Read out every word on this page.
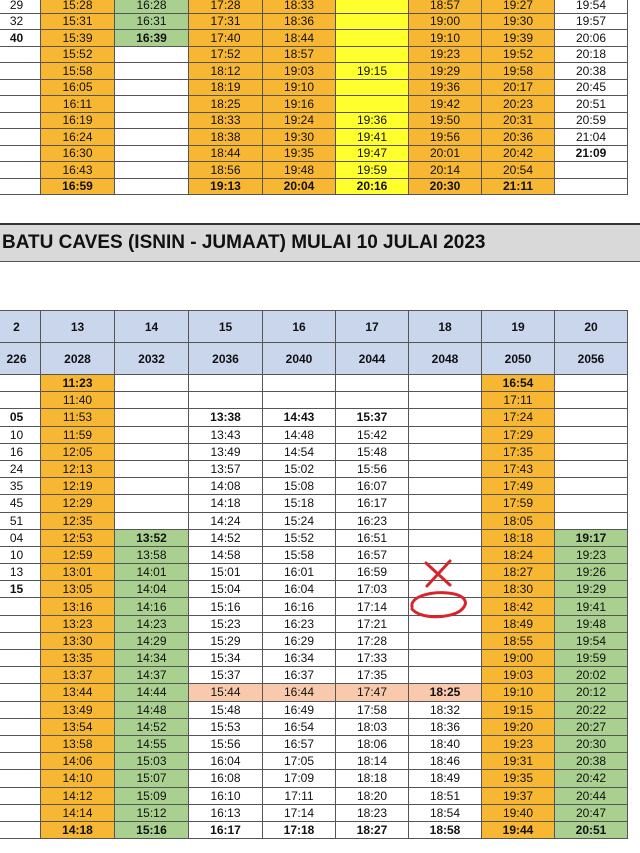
29	15:28	16:28	17:28	18:33		18:57	19:27	19:54
32	15:31	16:31	17:31	18:36		19:00	19:30	19:57
40	15:39	16:39	17:40	18:44		19:10	19:39	20:06
	15:52		17:52	18:57		19:23	19:52	20:18
	15:58		18:12	19:03	19:15	19:29	19:58	20:38
	16:05		18:19	19:10		19:36	20:17	20:45
	16:11		18:25	19:16		19:42	20:23	20:51
	16:19		18:33	19:24	19:36	19:50	20:31	20:59
	16:24		18:38	19:30	19:41	19:56	20:36	21:04
	16:30		18:44	19:35	19:47	20:01	20:42	21:09
	16:43		18:56	19:48	19:59	20:14	20:54	
	16:59		19:13	20:04	20:16	20:30	21:11	
BATU CAVES (ISNIN - JUMAAT) MULAI 10 JULAI 2023
2	13	14	15	16	17	18	19	20
226	2028	2032	2036	2040	2044	2048	2050	2056
	11:23						16:54	
	11:40						17:11	
05	11:53		13:38	14:43	15:37		17:24	
10	11:59		13:43	14:48	15:42		17:29	
16	12:05		13:49	14:54	15:48		17:35	
24	12:13		13:57	15:02	15:56		17:43	
35	12:19		14:08	15:08	16:07		17:49	
45	12:29		14:18	15:18	16:17		17:59	
51	12:35		14:24	15:24	16:23		18:05	
04	12:53	13:52	14:52	15:52	16:51		18:18	19:17
10	12:59	13:58	14:58	15:58	16:57		18:24	19:23
13	13:01	14:01	15:01	16:01	16:59		18:27	19:26
15	13:05	14:04	15:04	16:04	17:03		18:30	19:29
	13:16	14:16	15:16	16:16	17:14		18:42	19:41
	13:23	14:23	15:23	16:23	17:21		18:49	19:48
	13:30	14:29	15:29	16:29	17:28		18:55	19:54
	13:35	14:34	15:34	16:34	17:33		19:00	19:59
	13:37	14:37	15:37	16:37	17:35		19:03	20:02
	13:44	14:44	15:44	16:44	17:47	18:25	19:10	20:12
	13:49	14:48	15:48	16:49	17:58	18:32	19:15	20:22
	13:54	14:52	15:53	16:54	18:03	18:36	19:20	20:27
	13:58	14:55	15:56	16:57	18:06	18:40	19:23	20:30
	14:06	15:03	16:04	17:05	18:14	18:46	19:31	20:38
	14:10	15:07	16:08	17:09	18:18	18:49	19:35	20:42
	14:12	15:09	16:10	17:11	18:20	18:51	19:37	20:44
	14:14	15:12	16:13	17:14	18:23	18:54	19:40	20:47
	14:18	15:16	16:17	17:18	18:27	18:58	19:44	20:51
